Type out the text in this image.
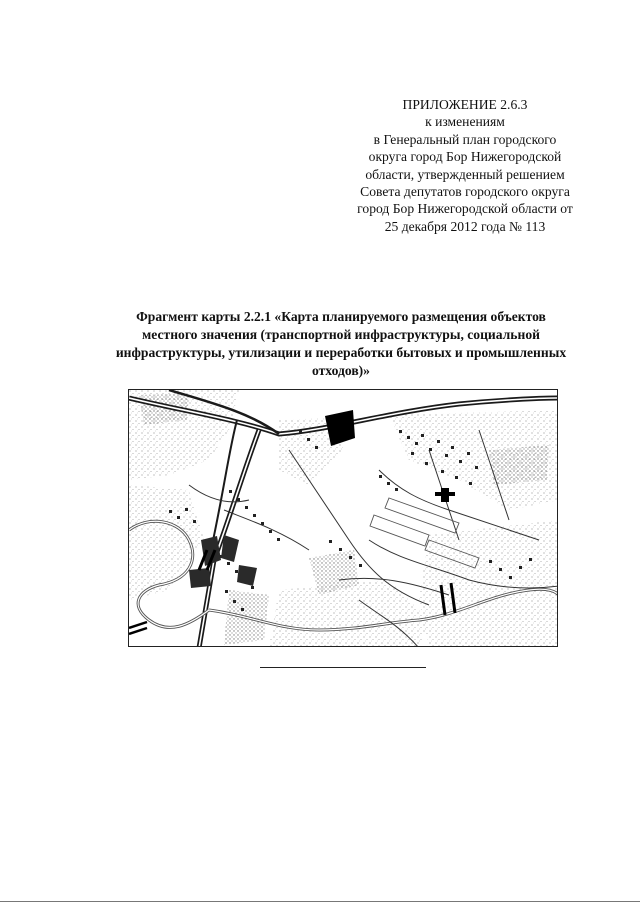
ПРИЛОЖЕНИЕ 2.6.3
к изменениям
в Генеральный план городского
округа город Бор Нижегородской
области, утвержденный решением
Совета депутатов городского округа
город Бор Нижегородской области от
25 декабря 2012 года № 113
Фрагмент карты 2.2.1 «Карта планируемого размещения объектов
местного значения (транспортной инфраструктуры, социальной
инфраструктуры, утилизации и переработки бытовых и промышленных
отходов)»
